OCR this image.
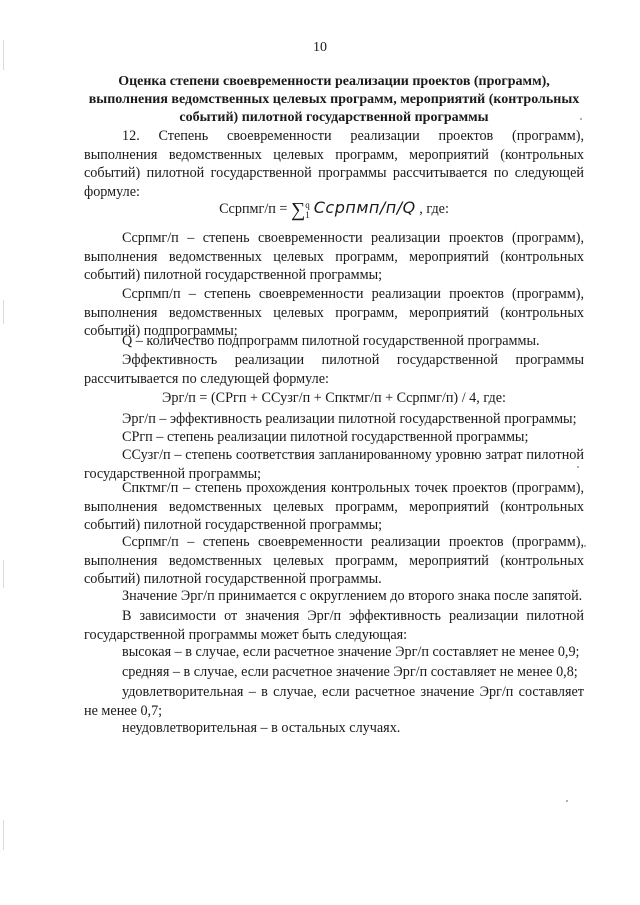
10
Оценка степени своевременности реализации проектов (программ), выполнения ведомственных целевых программ, мероприятий (контрольных событий) пилотной государственной программы
12. Степень своевременности реализации проектов (программ), выполнения ведомственных целевых программ, мероприятий (контрольных событий) пилотной государственной программы рассчитывается по следующей формуле:
Ccрпмг/п = ∑q
1 Ccрпмп/п/Q , где:
Ccрпмг/п – степень своевременности реализации проектов (программ), выполнения ведомственных целевых программ, мероприятий (контрольных событий) пилотной государственной программы;
Ccрпмп/п – степень своевременности реализации проектов (программ), выполнения ведомственных целевых программ, мероприятий (контрольных событий) подпрограммы;
Q – количество подпрограмм пилотной государственной программы.
Эффективность реализации пилотной государственной программы рассчитывается по следующей формуле:
Эрг/п = (СРгп + ССузг/п + Спктмг/п + Ccрпмг/п) / 4, где:
Эрг/п – эффективность реализации пилотной государственной программы;
СРгп – степень реализации пилотной государственной программы;
ССузг/п – степень соответствия запланированному уровню затрат пилотной государственной программы;
Спктмг/п – степень прохождения контрольных точек проектов (программ), выполнения ведомственных целевых программ, мероприятий (контрольных событий) пилотной государственной программы;
Ccрпмг/п – степень своевременности реализации проектов (программ), выполнения ведомственных целевых программ, мероприятий (контрольных событий) пилотной государственной программы.
Значение Эрг/п принимается с округлением до второго знака после запятой.
В зависимости от значения Эрг/п эффективность реализации пилотной государственной программы может быть следующая:
высокая – в случае, если расчетное значение Эрг/п составляет не менее 0,9;
средняя – в случае, если расчетное значение Эрг/п составляет не менее 0,8;
удовлетворительная – в случае, если расчетное значение Эрг/п составляет не менее 0,7;
неудовлетворительная – в остальных случаях.
